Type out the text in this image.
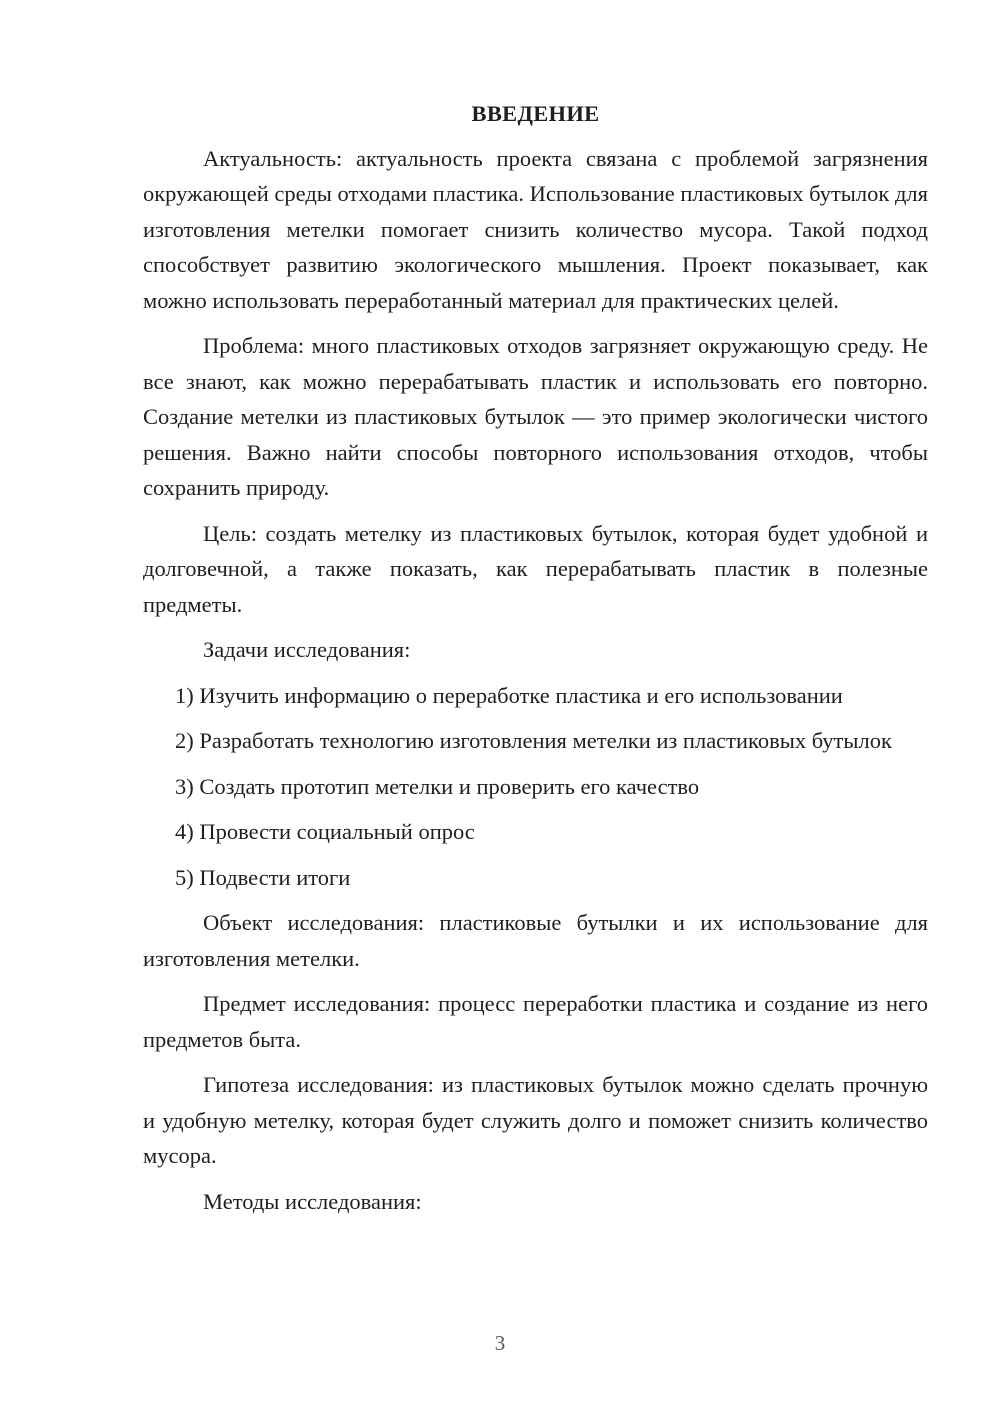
ВВЕДЕНИЕ

Актуальность: актуальность проекта связана с проблемой загрязнения окружающей среды отходами пластика. Использование пластиковых бутылок для изготовления метелки помогает снизить количество мусора. Такой подход способствует развитию экологического мышления. Проект показывает, как можно использовать переработанный материал для практических целей.

Проблема: много пластиковых отходов загрязняет окружающую среду. Не все знают, как можно перерабатывать пластик и использовать его повторно. Создание метелки из пластиковых бутылок — это пример экологически чистого решения. Важно найти способы повторного использования отходов, чтобы сохранить природу.

Цель: создать метелку из пластиковых бутылок, которая будет удобной и долговечной, а также показать, как перерабатывать пластик в полезные предметы.

Задачи исследования:

1) Изучить информацию о переработке пластика и его использовании

2) Разработать технологию изготовления метелки из пластиковых бутылок

3) Создать прототип метелки и проверить его качество

4) Провести социальный опрос

5) Подвести итоги

Объект исследования: пластиковые бутылки и их использование для изготовления метелки.

Предмет исследования: процесс переработки пластика и создание из него предметов быта.

Гипотеза исследования: из пластиковых бутылок можно сделать прочную и удобную метелку, которая будет служить долго и поможет снизить количество мусора.

Методы исследования:

3
